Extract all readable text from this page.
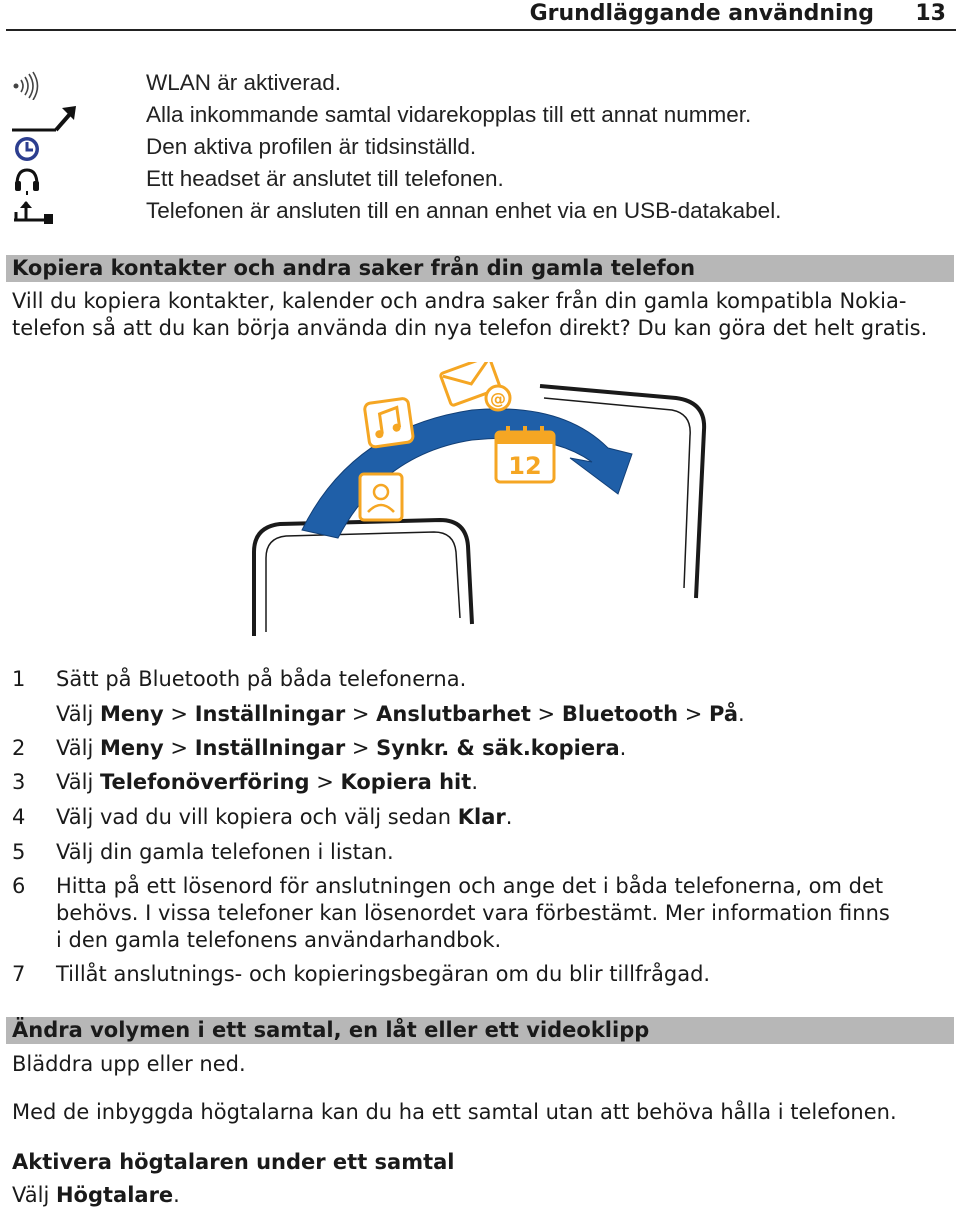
Grundläggande användning 13
WLAN är aktiverad.
Alla inkommande samtal vidarekopplas till ett annat nummer.
Den aktiva profilen är tidsinställd.
Ett headset är anslutet till telefonen.
Telefonen är ansluten till en annan enhet via en USB-datakabel.
Kopiera kontakter och andra saker från din gamla telefon
Vill du kopiera kontakter, kalender och andra saker från din gamla kompatibla Nokia-
telefon så att du kan börja använda din nya telefon direkt? Du kan göra det helt gratis.
@
12
1 Sätt på Bluetooth på båda telefonerna.
Välj Meny > Inställningar > Anslutbarhet > Bluetooth > På.
2 Välj Meny > Inställningar > Synkr. & säk.kopiera.
3 Välj Telefonöverföring > Kopiera hit.
4 Välj vad du vill kopiera och välj sedan Klar.
5 Välj din gamla telefonen i listan.
6 Hitta på ett lösenord för anslutningen och ange det i båda telefonerna, om det
behövs. I vissa telefoner kan lösenordet vara förbestämt. Mer information finns
i den gamla telefonens användarhandbok.
7 Tillåt anslutnings- och kopieringsbegäran om du blir tillfrågad.
Ändra volymen i ett samtal, en låt eller ett videoklipp
Bläddra upp eller ned.
Med de inbyggda högtalarna kan du ha ett samtal utan att behöva hålla i telefonen.
Aktivera högtalaren under ett samtal
Välj Högtalare.
